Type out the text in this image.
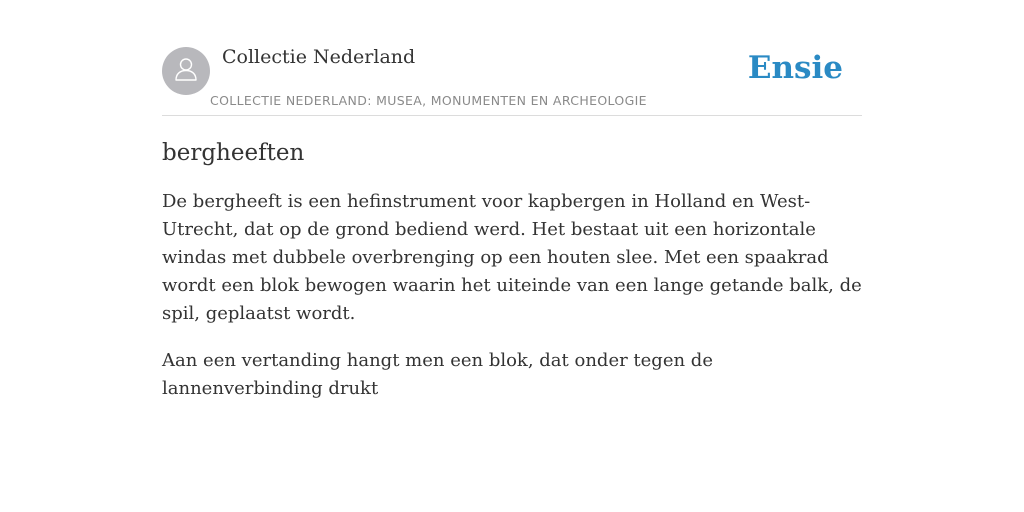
Collectie Nederland
COLLECTIE NEDERLAND: MUSEA, MONUMENTEN EN ARCHEOLOGIE
Ensie
bergheeften

De bergheeft is een hefinstrument voor kapbergen in Holland en West-Utrecht, dat op de grond bediend werd. Het bestaat uit een horizontale windas met dubbele overbrenging op een houten slee. Met een spaakrad wordt een blok bewogen waarin het uiteinde van een lange getande balk, de spil, geplaatst wordt.

Aan een vertanding hangt men een blok, dat onder tegen de lannenverbinding drukt
